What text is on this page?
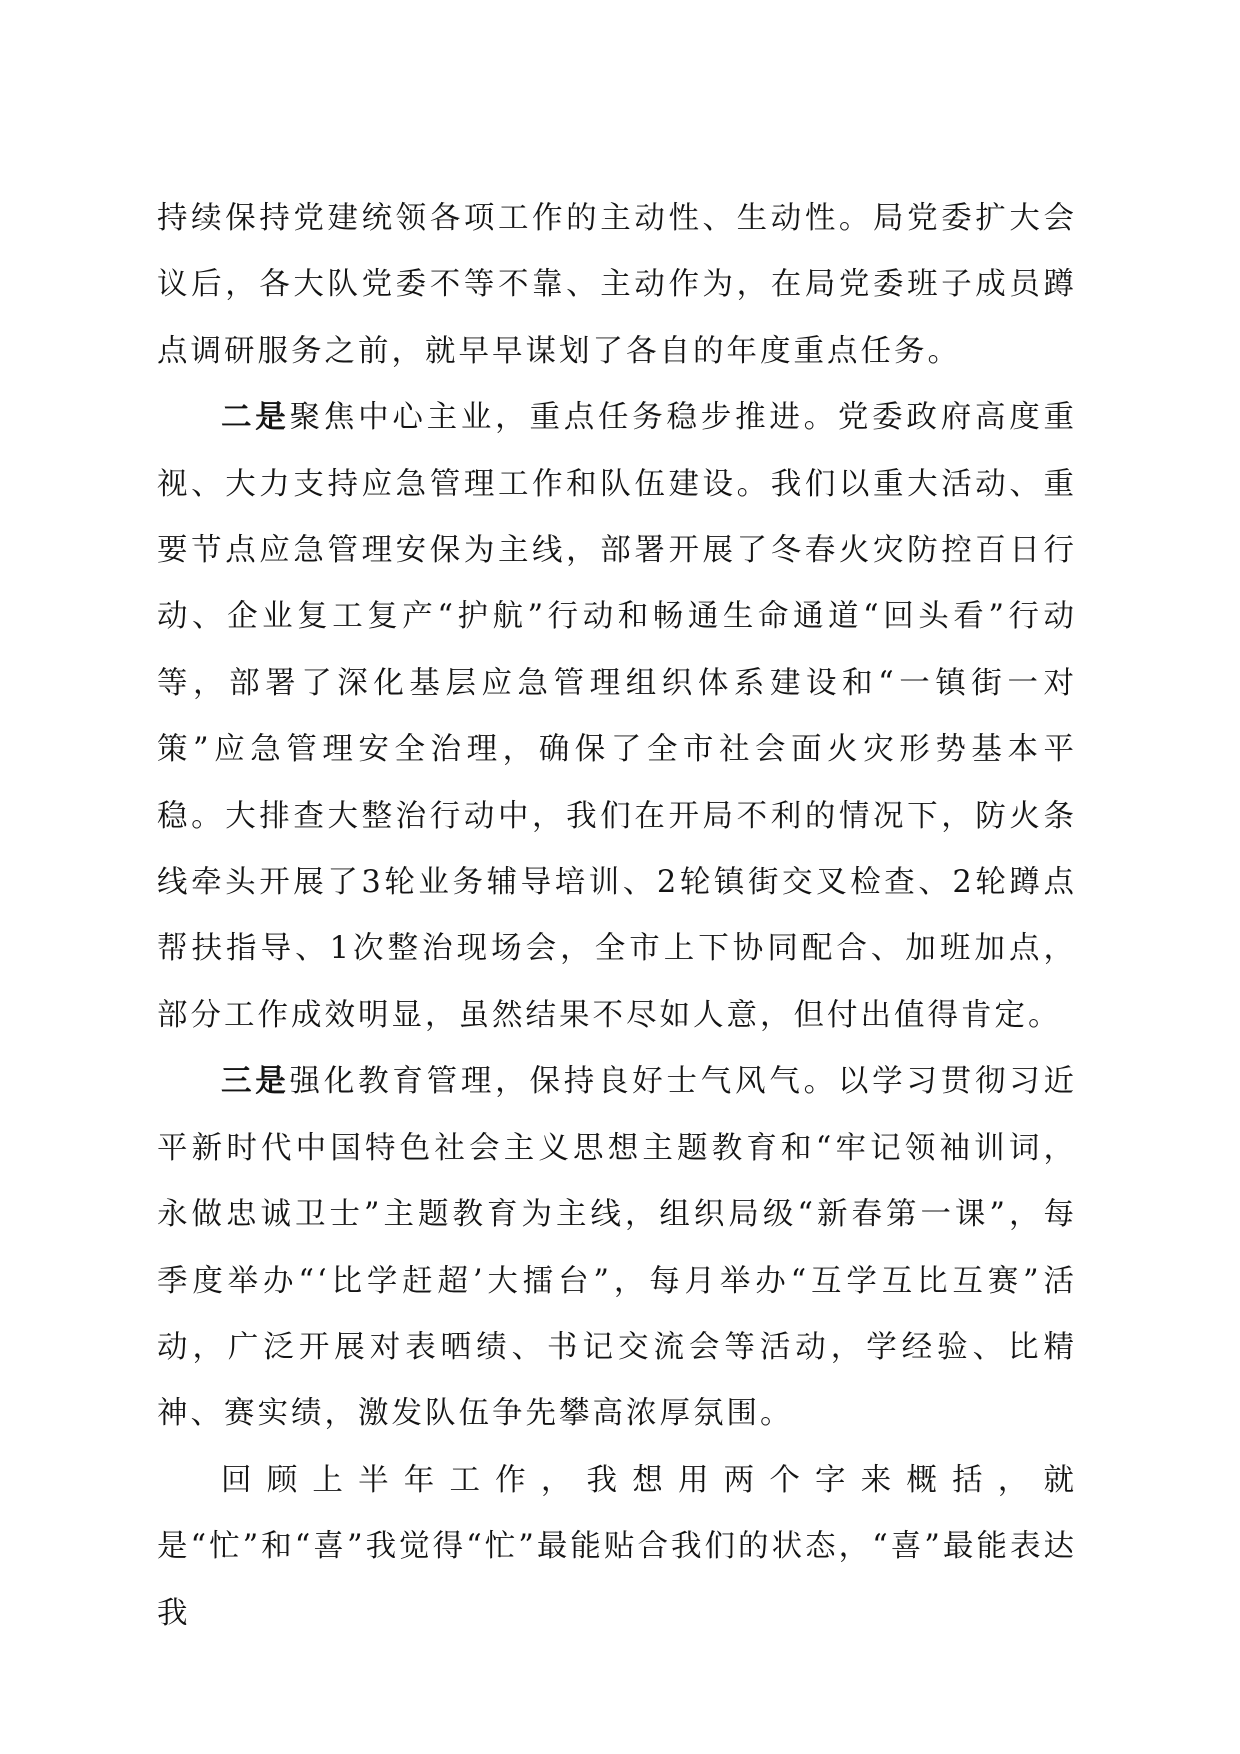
持续保持党建统领各项工作的主动性、生动性。局党委扩大会议后，各大队党委不等不靠、主动作为，在局党委班子成员蹲点调研服务之前，就早早谋划了各自的年度重点任务。

二是聚焦中心主业，重点任务稳步推进。党委政府高度重视、大力支持应急管理工作和队伍建设。我们以重大活动、重要节点应急管理安保为主线，部署开展了冬春火灾防控百日行动、企业复工复产“护航”行动和畅通生命通道“回头看”行动等，部署了深化基层应急管理组织体系建设和“一镇街一对策”应急管理安全治理，确保了全市社会面火灾形势基本平稳。大排查大整治行动中，我们在开局不利的情况下，防火条线牵头开展了3轮业务辅导培训、2轮镇街交叉检查、2轮蹲点帮扶指导、1次整治现场会，全市上下协同配合、加班加点，部分工作成效明显，虽然结果不尽如人意，但付出值得肯定。

三是强化教育管理，保持良好士气风气。以学习贯彻习近平新时代中国特色社会主义思想主题教育和“牢记领袖训词，永做忠诚卫士”主题教育为主线，组织局级“新春第一课”，每季度举办“‘比学赶超’大擂台”，每月举办“互学互比互赛”活动，广泛开展对表晒绩、书记交流会等活动，学经验、比精神、赛实绩，激发队伍争先攀高浓厚氛围。

回顾上半年工作，我想用两个字来概括，就是“忙”和“喜”我觉得“忙”最能贴合我们的状态，“喜”最能表达我
